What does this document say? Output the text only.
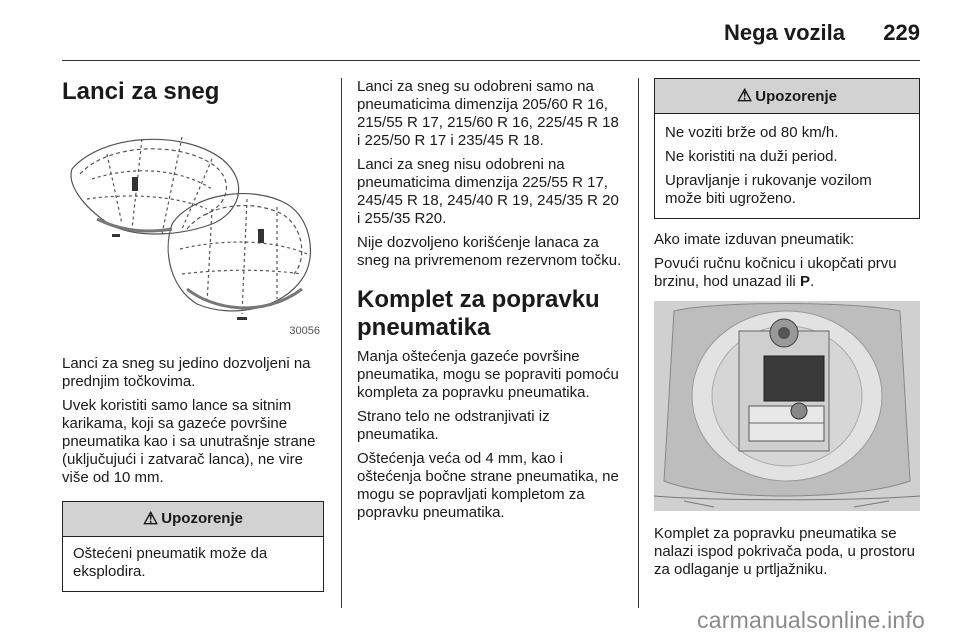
Nega vozila 229
Lanci za sneg
30056

Lanci za sneg su jedino dozvoljeni na prednjim točkovima.

Uvek koristiti samo lance sa sitnim karikama, koji sa gazeće površine pneumatika kao i sa unutrašnje strane (uključujući i zatvarač lanca), ne vire više od 10 mm.

⚠ Upozorenje

Oštećeni pneumatik može da eksplodira.

Lanci za sneg su odobreni samo na pneumaticima dimenzija 205/60 R 16, 215/55 R 17, 215/60 R 16, 225/45 R 18 i 225/50 R 17 i 235/45 R 18.

Lanci za sneg nisu odobreni na pneumaticima dimenzija 225/55 R 17, 245/45 R 18, 245/40 R 19, 245/35 R 20 i 255/35 R20.

Nije dozvoljeno korišćenje lanaca za sneg na privremenom rezervnom točku.

Komplet za popravku pneumatika

Manja oštećenja gazeće površine pneumatika, mogu se popraviti pomoću kompleta za popravku pneumatika.

Strano telo ne odstranjivati iz pneumatika.

Oštećenja veća od 4 mm, kao i oštećenja bočne strane pneumatika, ne mogu se popravljati kompletom za popravku pneumatika.

⚠ Upozorenje

Ne voziti brže od 80 km/h.

Ne koristiti na duži period.

Upravljanje i rukovanje vozilom može biti ugroženo.

Ako imate izduvan pneumatik:

Povući ručnu kočnicu i ukopčati prvu brzinu, hod unazad ili P.

Komplet za popravku pneumatika se nalazi ispod pokrivača poda, u prostoru za odlaganje u prtljažniku.

carmanualsonline.info
